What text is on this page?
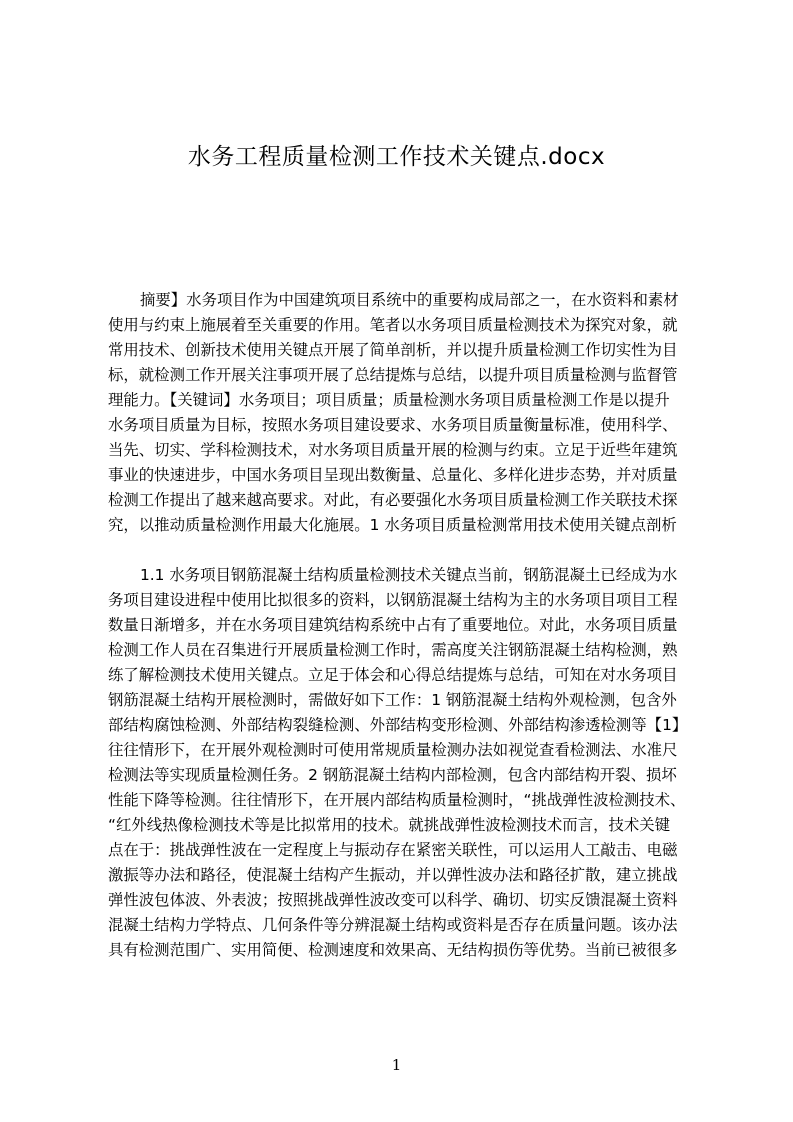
水务工程质量检测工作技术关键点.docx
摘要】水务项目作为中国建筑项目系统中的重要构成局部之一，在水资料和素材
使用与约束上施展着至关重要的作用。笔者以水务项目质量检测技术为探究对象，就
常用技术、创新技术使用关键点开展了简单剖析，并以提升质量检测工作切实性为目
标，就检测工作开展关注事项开展了总结提炼与总结，以提升项目质量检测与监督管
理能力。【关键词】水务项目；项目质量；质量检测水务项目质量检测工作是以提升
水务项目质量为目标，按照水务项目建设要求、水务项目质量衡量标准，使用科学、
当先、切实、学科检测技术，对水务项目质量开展的检测与约束。立足于近些年建筑
事业的快速进步，中国水务项目呈现出数衡量、总量化、多样化进步态势，并对质量
检测工作提出了越来越高要求。对此，有必要强化水务项目质量检测工作关联技术探
究，以推动质量检测作用最大化施展。1 水务项目质量检测常用技术使用关键点剖析
1.1 水务项目钢筋混凝土结构质量检测技术关键点当前，钢筋混凝土已经成为水
务项目建设进程中使用比拟很多的资料，以钢筋混凝土结构为主的水务项目项目工程
数量日渐增多，并在水务项目建筑结构系统中占有了重要地位。对此，水务项目质量
检测工作人员在召集进行开展质量检测工作时，需高度关注钢筋混凝土结构检测，熟
练了解检测技术使用关键点。立足于体会和心得总结提炼与总结，可知在对水务项目
钢筋混凝土结构开展检测时，需做好如下工作：1 钢筋混凝土结构外观检测，包含外
部结构腐蚀检测、外部结构裂缝检测、外部结构变形检测、外部结构渗透检测等【1】
往往情形下，在开展外观检测时可使用常规质量检测办法如视觉查看检测法、水准尺
检测法等实现质量检测任务。2 钢筋混凝土结构内部检测，包含内部结构开裂、损坏
性能下降等检测。往往情形下，在开展内部结构质量检测时，“挑战弹性波检测技术、
“红外线热像检测技术等是比拟常用的技术。就挑战弹性波检测技术而言，技术关键
点在于：挑战弹性波在一定程度上与振动存在紧密关联性，可以运用人工敲击、电磁
激振等办法和路径，使混凝土结构产生振动，并以弹性波办法和路径扩散，建立挑战
弹性波包体波、外表波；按照挑战弹性波改变可以科学、确切、切实反馈混凝土资料
混凝土结构力学特点、几何条件等分辨混凝土结构或资料是否存在质量问题。该办法
具有检测范围广、实用简便、检测速度和效果高、无结构损伤等优势。当前已被很多
1
